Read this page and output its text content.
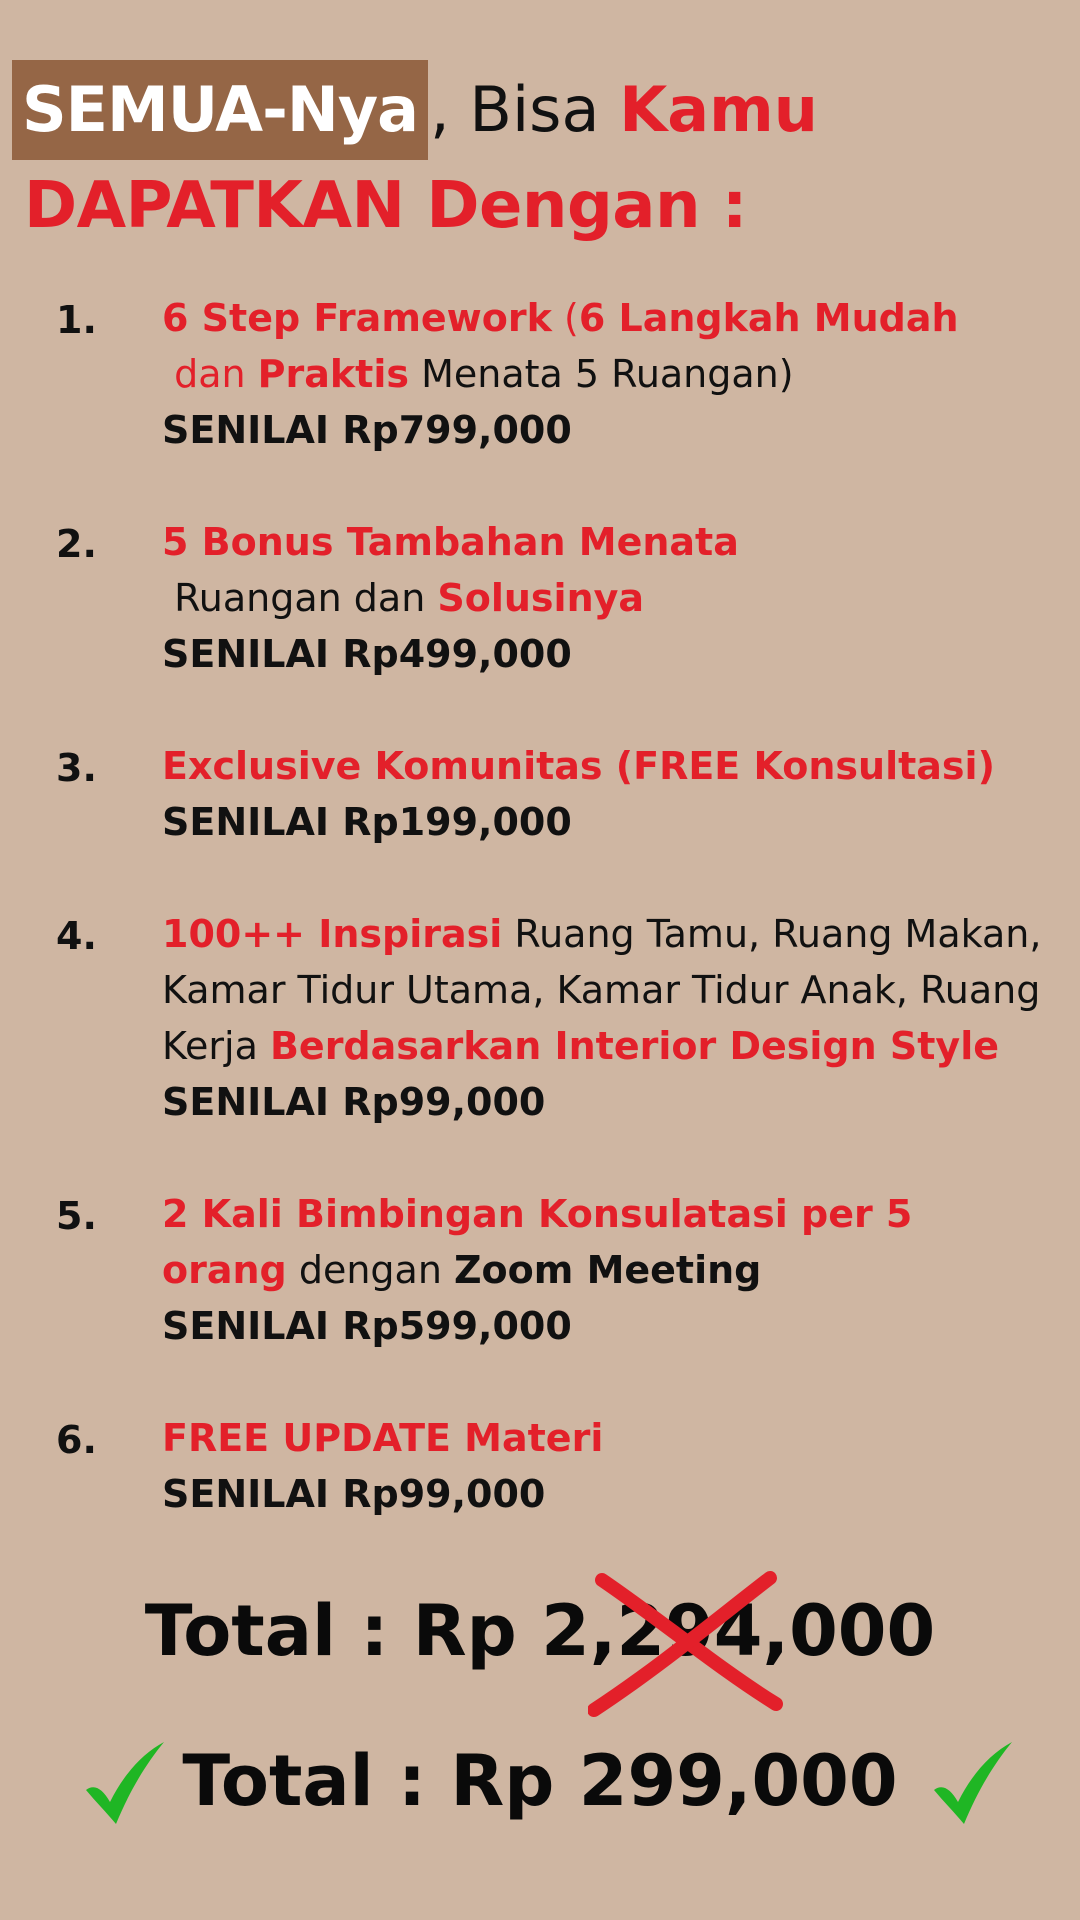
SEMUA-Nya , Bisa Kamu
DAPATKAN Dengan :
1. 6 Step Framework (6 Langkah Mudah dan Praktis Menata 5 Ruangan)
SENILAI Rp799,000
2. 5 Bonus Tambahan Menata Ruangan dan Solusinya
SENILAI Rp499,000
3. Exclusive Komunitas (FREE Konsultasi)
SENILAI Rp199,000
4. 100++ Inspirasi Ruang Tamu, Ruang Makan, Kamar Tidur Utama, Kamar Tidur Anak, Ruang Kerja Berdasarkan Interior Design Style
SENILAI Rp99,000
5. 2 Kali Bimbingan Konsulatasi per 5 orang dengan Zoom Meeting
SENILAI Rp599,000
6. FREE UPDATE Materi
SENILAI Rp99,000
Total : Rp 2,294,000
Total : Rp 299,000
